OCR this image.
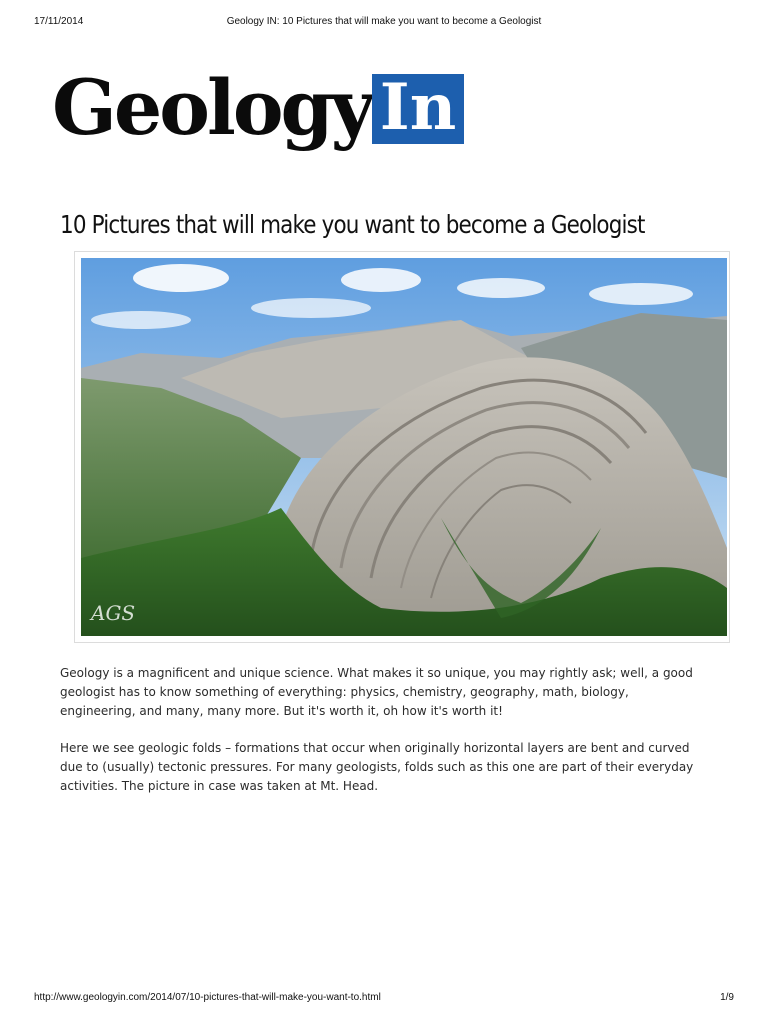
17/11/2014	Geology IN: 10 Pictures that will make you want to become a Geologist
Geology In
10 Pictures that will make you want to become a Geologist
AGS

Geology is a magnificent and unique science. What makes it so unique, you may rightly ask; well, a good geologist has to know something of everything: physics, chemistry, geography, math, biology, engineering, and many, many more. But it's worth it, oh how it's worth it!

Here we see geologic folds – formations that occur when originally horizontal layers are bent and curved due to (usually) tectonic pressures. For many geologists, folds such as this one are part of their everyday activities. The picture in case was taken at Mt. Head.

http://www.geologyin.com/2014/07/10-pictures-that-will-make-you-want-to.html	1/9
